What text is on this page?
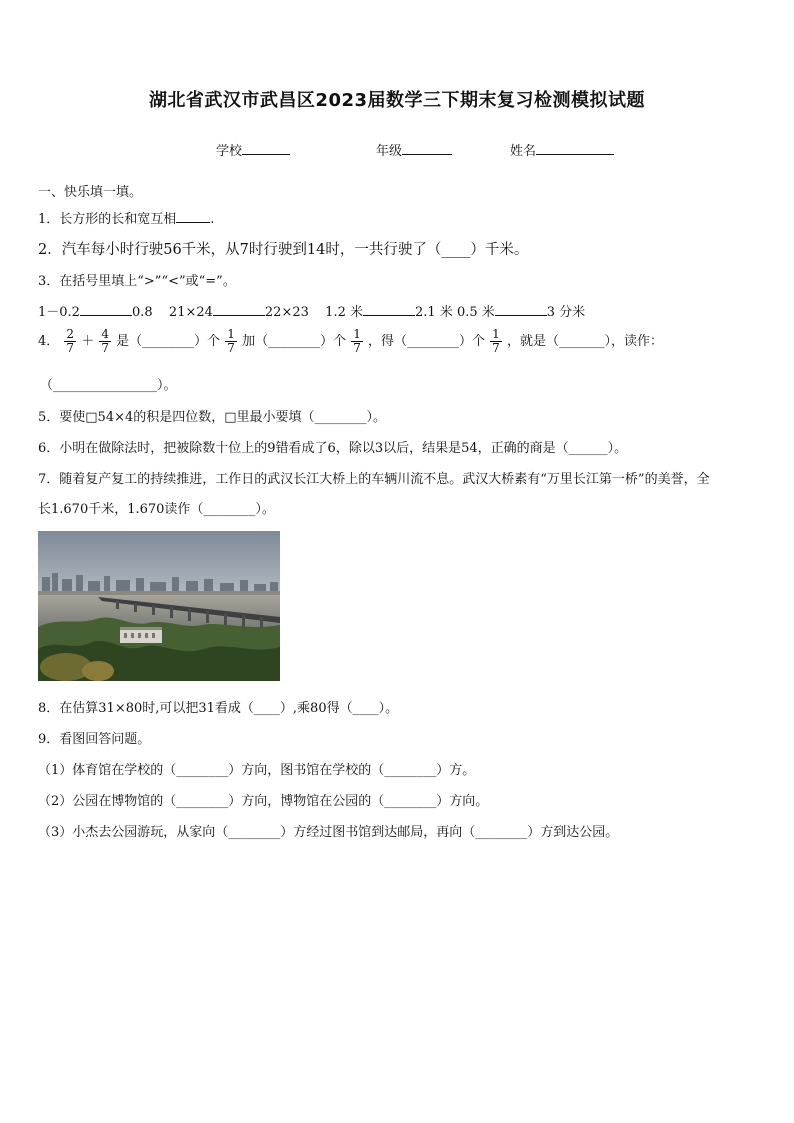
湖北省武汉市武昌区2023届数学三下期末复习检测模拟试题
学校	年级	姓名
一、快乐填一填。
1．长方形的长和宽互相	.
2．汽车每小时行驶56千米，从7时行驶到14时，一共行驶了（____）千米。
3．在括号里填上“>”“<”或“=”。
1－0.2	0.8 21×24	22×23 1.2 米	2.1 米 0.5 米	3 分米
4． $\frac{2}{7} + \frac{4}{7}$ 是（________）个 $\frac{1}{7}$ 加（________）个 $\frac{1}{7}$ ，得（________）个 $\frac{1}{7}$ ，就是（_______），读作：
（________________）。
5．要使□54×4的积是四位数，□里最小要填（________）。
6．小明在做除法时，把被除数十位上的9错看成了6，除以3以后，结果是54，正确的商是（______）。
7．随着复产复工的持续推进，工作日的武汉长江大桥上的车辆川流不息。武汉大桥素有“万里长江第一桥”的美誉，全
长1.670千米，1.670读作（________）。
8．在估算31×80时,可以把31看成（____）,乘80得（____）。
9．看图回答问题。
（1）体育馆在学校的（________）方向，图书馆在学校的（________）方。
（2）公园在博物馆的（________）方向，博物馆在公园的（________）方向。
（3）小杰去公园游玩，从家向（________）方经过图书馆到达邮局，再向（________）方到达公园。
